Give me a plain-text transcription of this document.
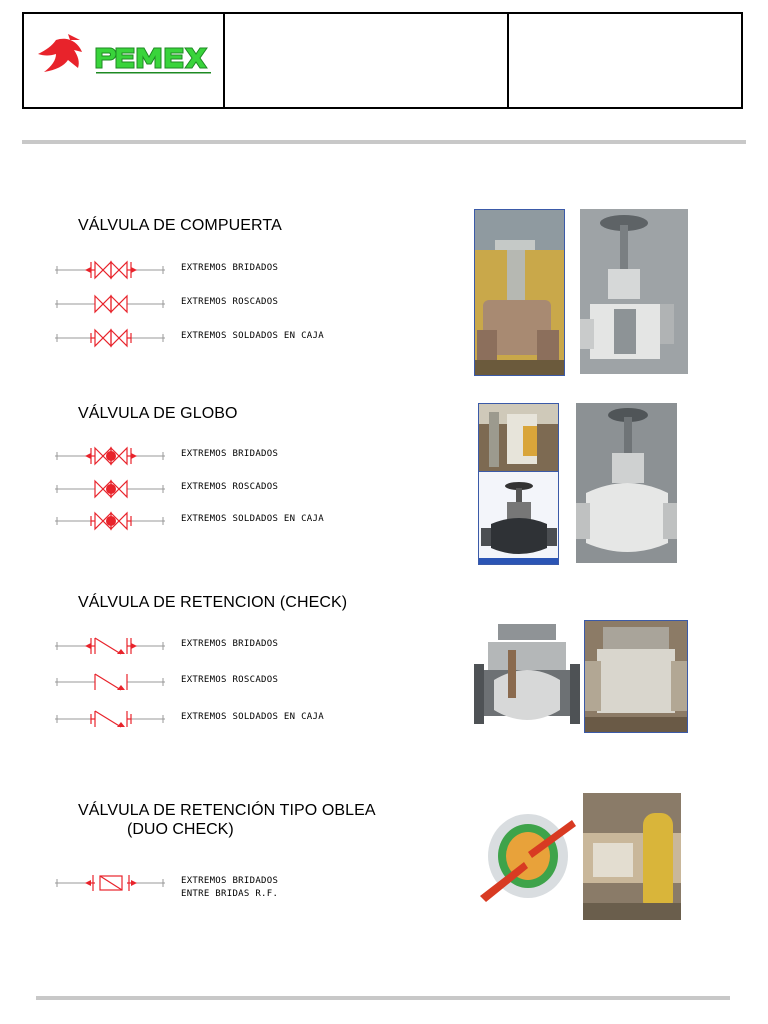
VÁLVULA DE COMPUERTA
EXTREMOS BRIDADOS
EXTREMOS ROSCADOS
EXTREMOS SOLDADOS EN CAJA
VÁLVULA DE GLOBO
EXTREMOS BRIDADOS
EXTREMOS ROSCADOS
EXTREMOS SOLDADOS EN CAJA
VÁLVULA DE RETENCION (CHECK)
EXTREMOS BRIDADOS
EXTREMOS ROSCADOS
EXTREMOS SOLDADOS EN CAJA
VÁLVULA DE RETENCIÓN TIPO OBLEA
(DUO CHECK)
EXTREMOS BRIDADOS
ENTRE BRIDAS R.F.
